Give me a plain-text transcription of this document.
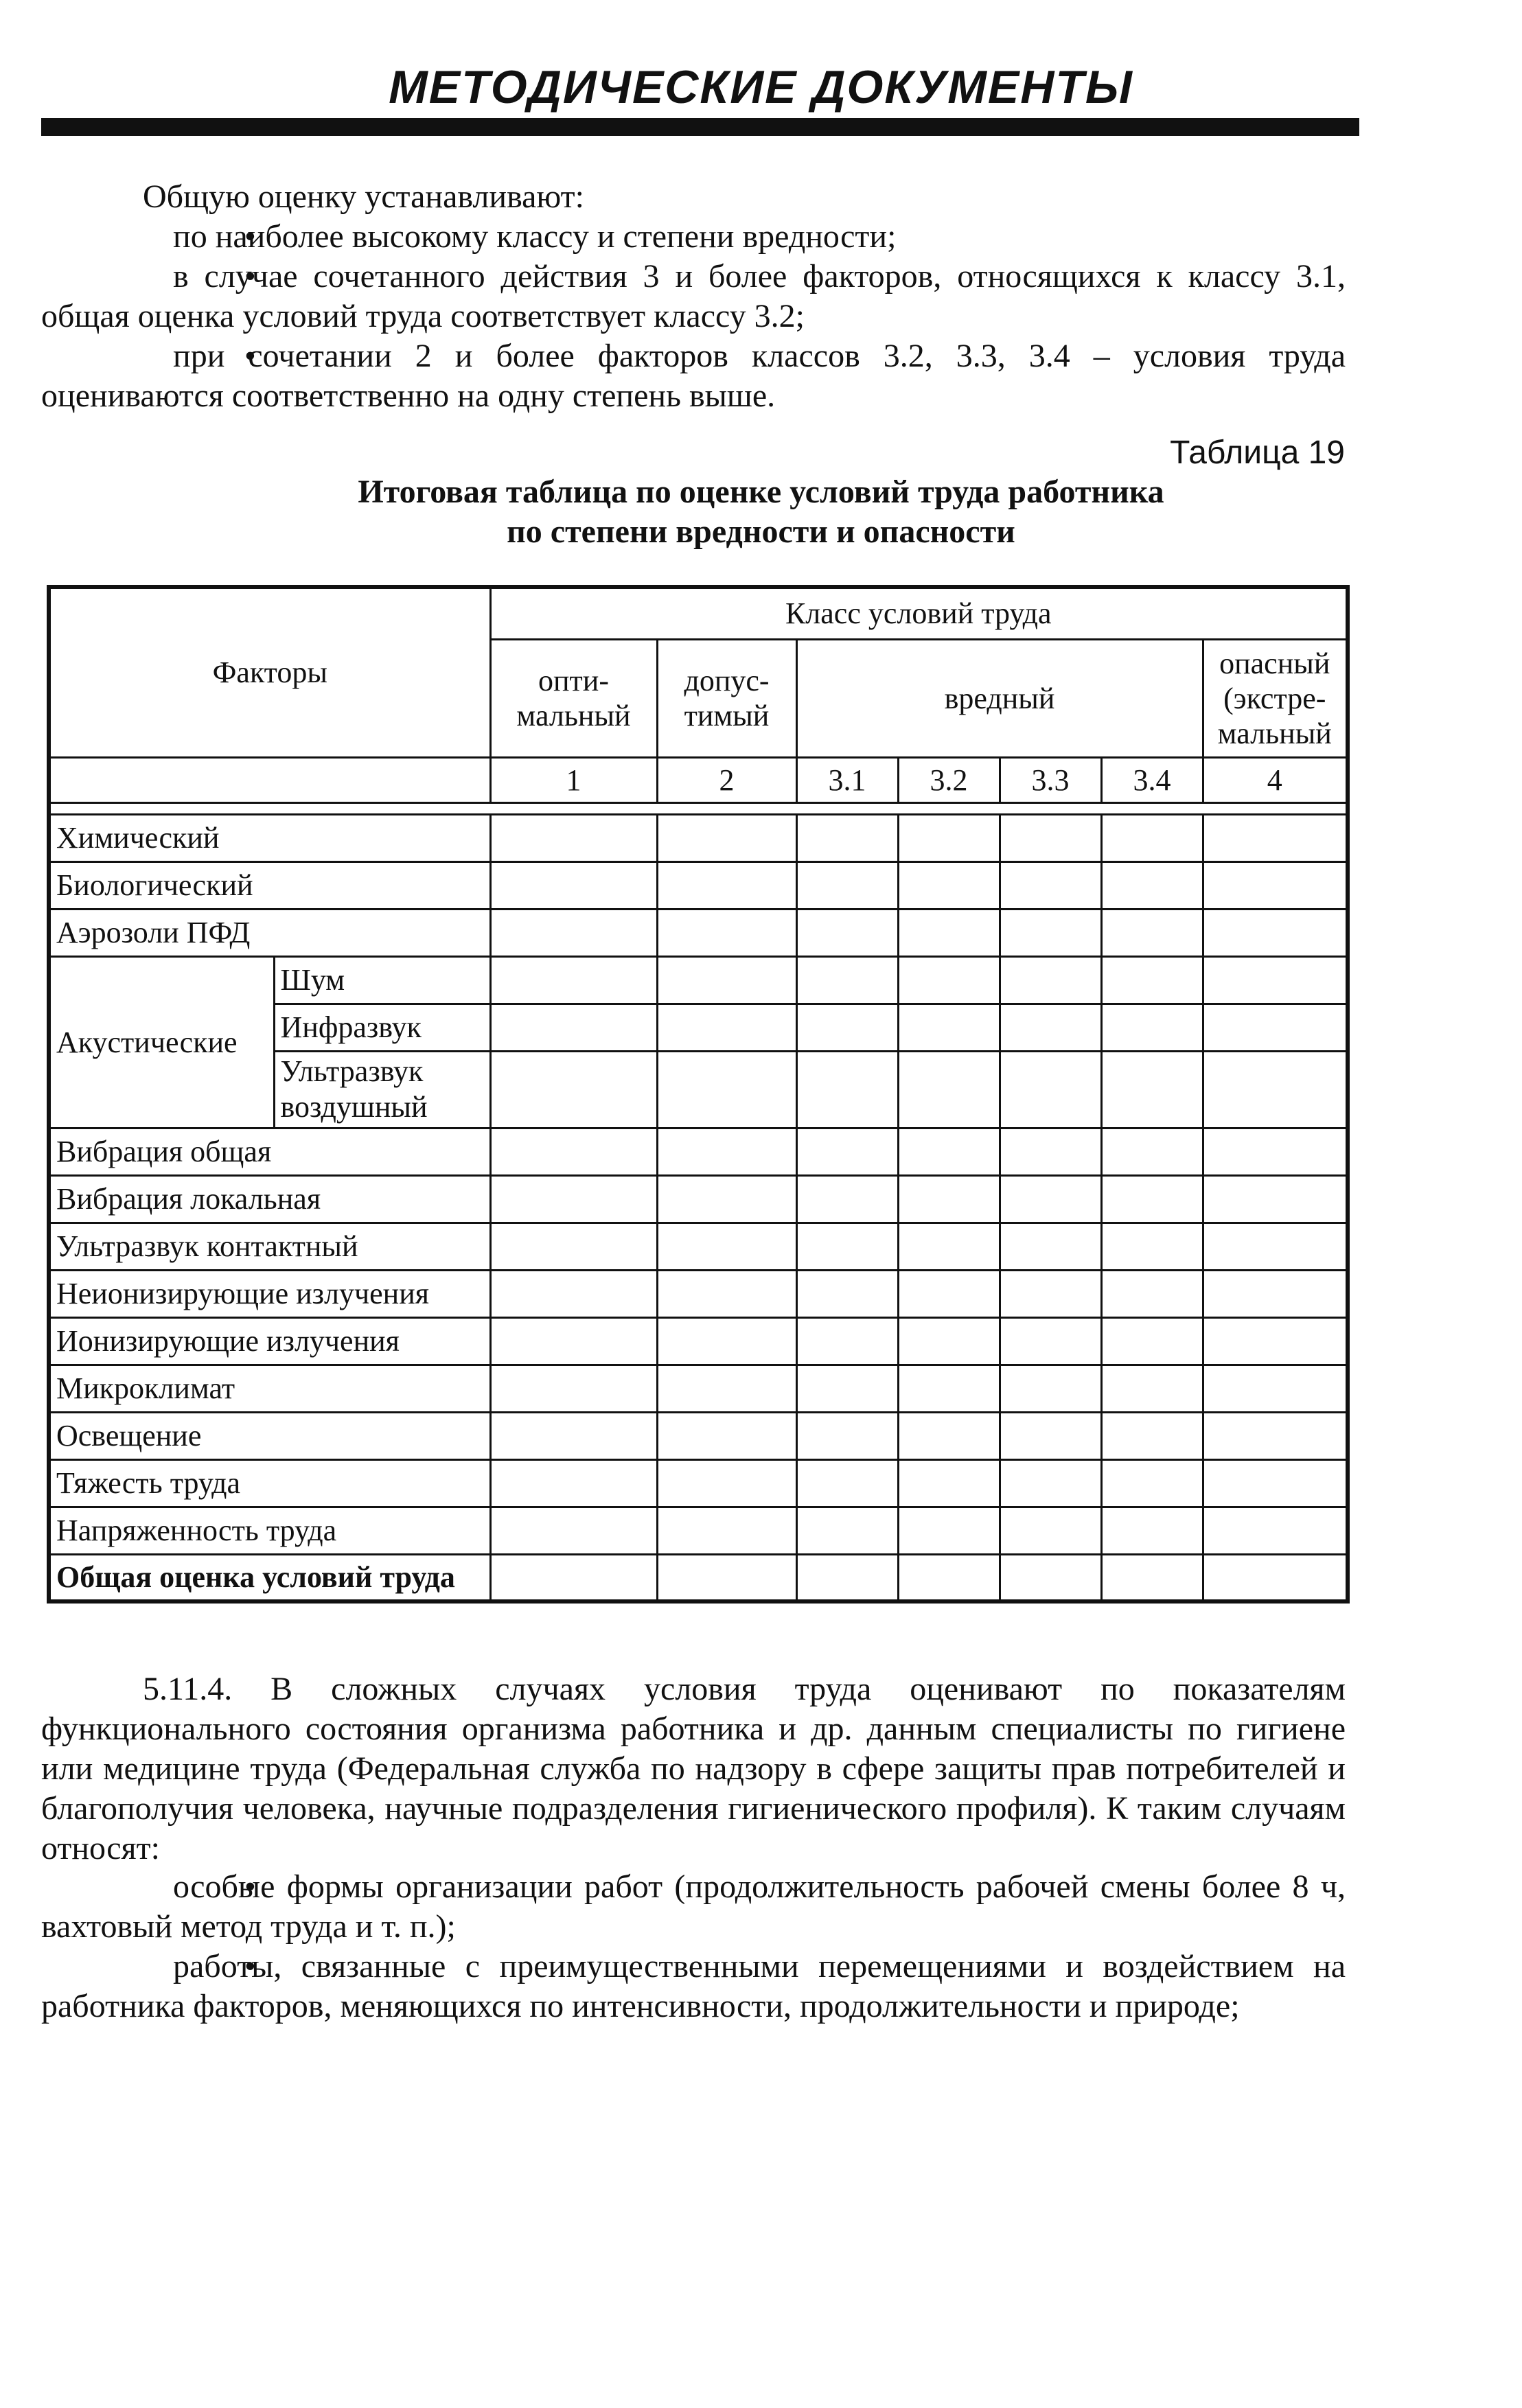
МЕТОДИЧЕСКИЕ ДОКУМЕНТЫ

Общую оценку устанавливают:

• по наиболее высокому классу и степени вредности;

• в случае сочетанного действия 3 и более факторов, относящихся к классу 3.1, общая оценка условий труда соответствует классу 3.2;

• при сочетании 2 и более факторов классов 3.2, 3.3, 3.4 – условия труда оцениваются соответственно на одну степень выше.

Таблица 19
Итоговая таблица по оценке условий труда работника
по степени вредности и опасности
Факторы		Класс условий труда						
		опти-мальный	допус-тимый	вредный				опасный (экстре-мальный
		1	2	3.1	3.2	3.3	3.4	4

Химический								
Биологический								
Аэрозоли ПФД								
Акустические	Шум							
	Инфразвук							
	Ультразвук воздушный							
Вибрация общая								
Вибрация локальная								
Ультразвук контактный								
Неионизирующие излучения								
Ионизирующие излучения								
Микроклимат								
Освещение								
Тяжесть труда								
Напряженность труда								
Общая оценка условий труда								

5.11.4. В сложных случаях условия труда оценивают по показателям функционального состояния организма работника и др. данным специалисты по гигиене или медицине труда (Федеральная служба по надзору в сфере защиты прав потребителей и благополучия человека, научные подразделения гигиенического профиля). К таким случаям относят:

• особые формы организации работ (продолжительность рабочей смены более 8 ч, вахтовый метод труда и т. п.);

• работы, связанные с преимущественными перемещениями и воздействием на работника факторов, меняющихся по интенсивности, продолжительности и природе;
